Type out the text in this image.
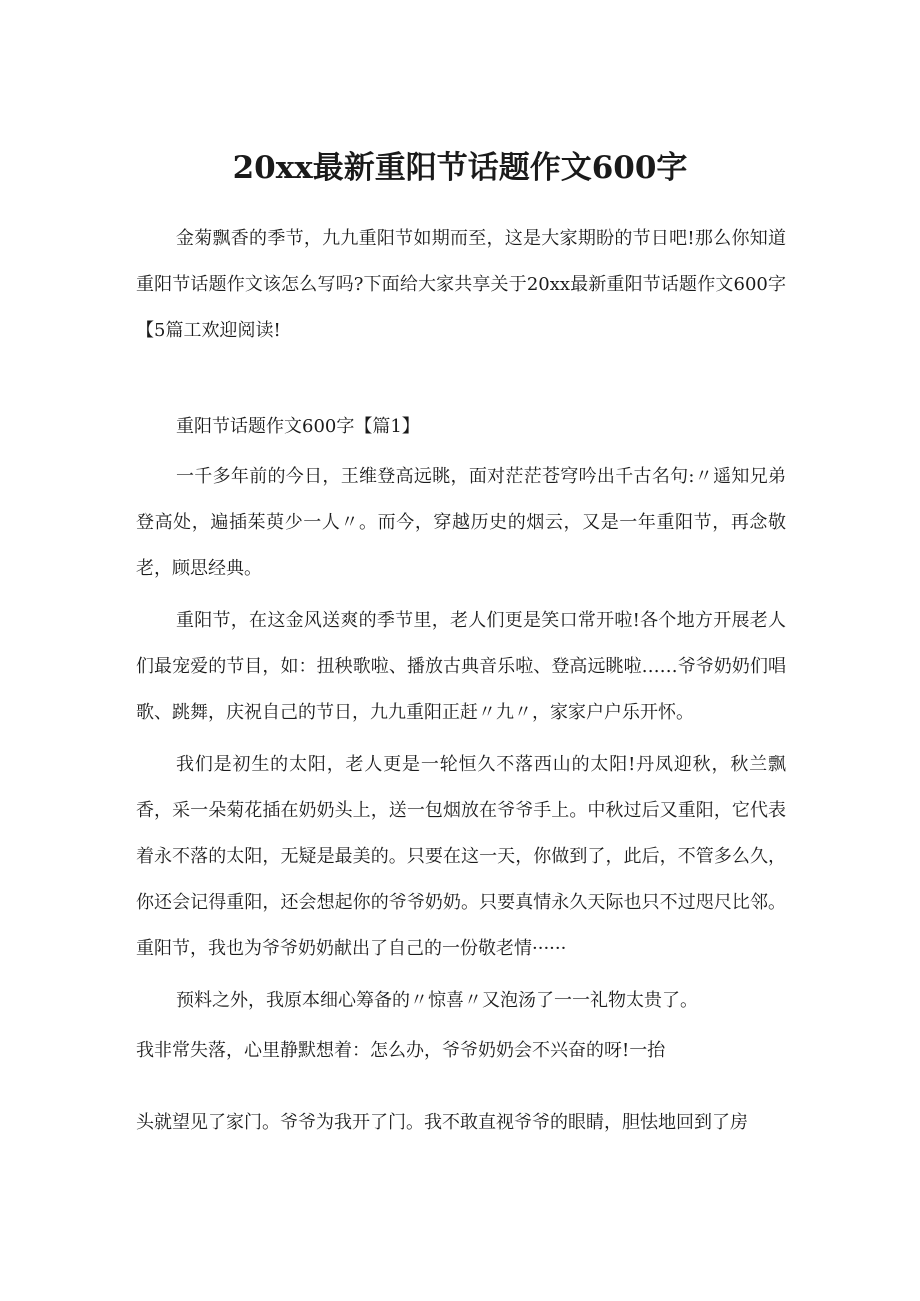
20xx最新重阳节话题作文600字

金菊飘香的季节，九九重阳节如期而至，这是大家期盼的节日吧!那么你知道重阳节话题作文该怎么写吗?下面给大家共享关于20xx最新重阳节话题作文600字【5篇工欢迎阅读!

重阳节话题作文600字【篇1】

一千多年前的今日，王维登高远眺，面对茫茫苍穹吟出千古名句:〃遥知兄弟登高处，遍插茱萸少一人〃。而今，穿越历史的烟云，又是一年重阳节，再念敬老，顾思经典。

重阳节，在这金风送爽的季节里，老人们更是笑口常开啦!各个地方开展老人们最宠爱的节目，如：扭秧歌啦、播放古典音乐啦、登高远眺啦……爷爷奶奶们唱歌、跳舞，庆祝自己的节日，九九重阳正赶〃九〃，家家户户乐开怀。

我们是初生的太阳，老人更是一轮恒久不落西山的太阳!丹凤迎秋，秋兰飘香，采一朵菊花插在奶奶头上，送一包烟放在爷爷手上。中秋过后又重阳，它代表着永不落的太阳，无疑是最美的。只要在这一天，你做到了，此后，不管多么久，你还会记得重阳，还会想起你的爷爷奶奶。只要真情永久天际也只不过咫尺比邻。重阳节，我也为爷爷奶奶献出了自己的一份敬老情······

预料之外，我原本细心筹备的〃惊喜〃又泡汤了一一礼物太贵了。

我非常失落，心里静默想着：怎么办，爷爷奶奶会不兴奋的呀!一抬

头就望见了家门。爷爷为我开了门。我不敢直视爷爷的眼睛，胆怯地回到了房
